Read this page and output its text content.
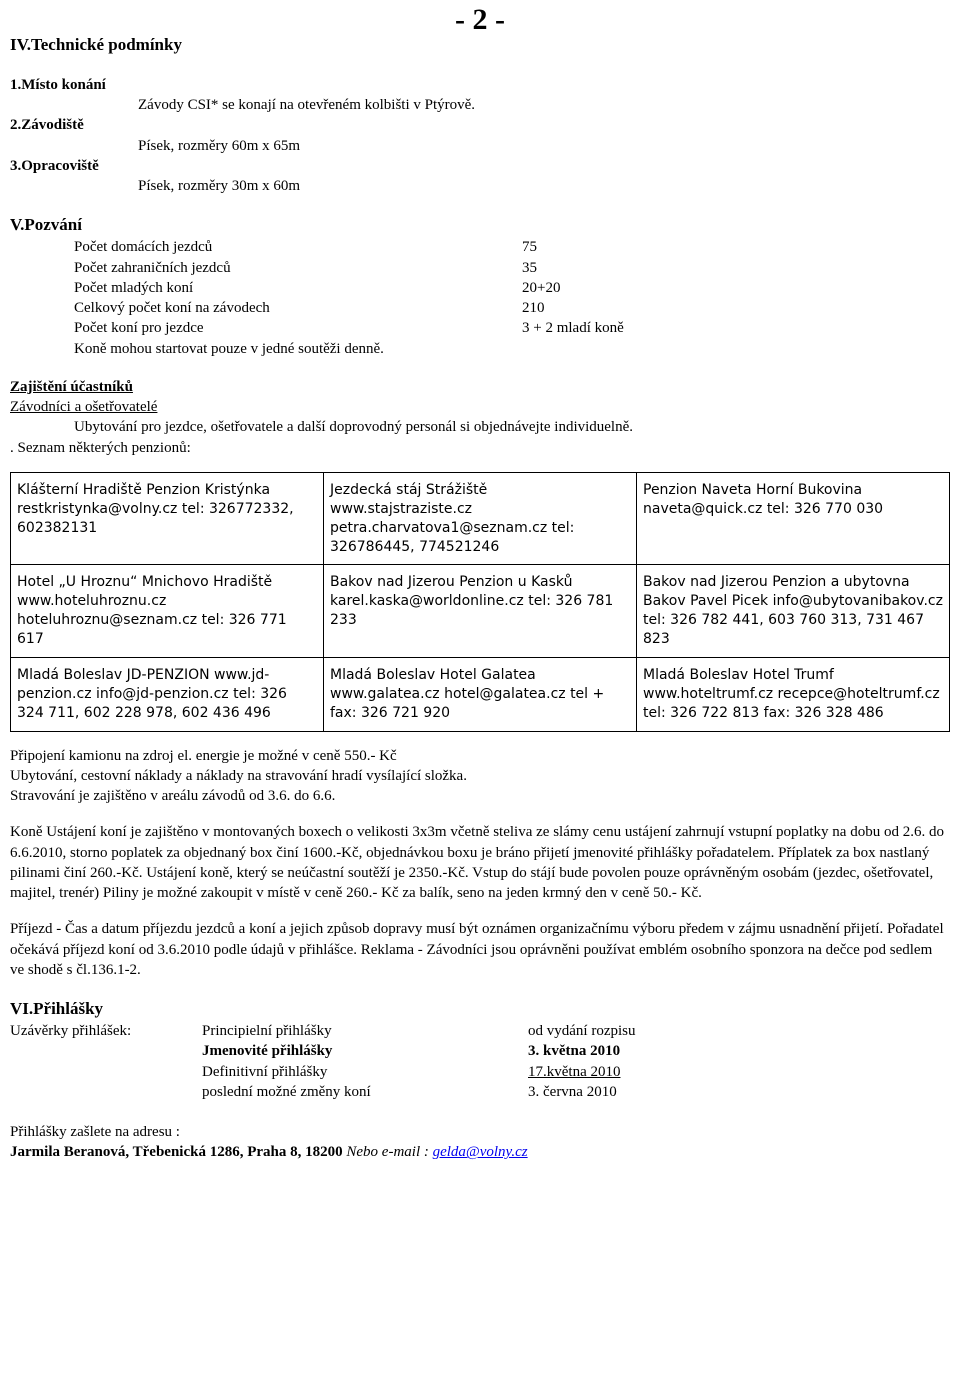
- 2 -
IV.Technické podmínky
1.Místo konání
Závody CSI* se konají na otevřeném kolbišti v Ptýrově.
2.Závodiště
Písek, rozměry 60m x 65m
3.Opracoviště
Písek, rozměry 30m x 60m
V.Pozvání
Počet domácích jezdců	75
Počet zahraničních jezdců	35
Počet mladých koní	20+20
Celkový počet koní na závodech	210
Počet koní pro jezdce	3 + 2 mladí koně
Koně mohou startovat pouze v jedné soutěži denně.
Zajištění účastníků
Závodníci a ošetřovatelé
Ubytování pro jezdce, ošetřovatele a další doprovodný personál si objednávejte individuelně.
. Seznam některých penzionů:
Klášterní Hradiště Penzion Kristýnka restkristynka@volny.cz tel: 326772332, 602382131	Jezdecká stáj Strážiště www.stajstraziste.cz petra.charvatova1@seznam.cz tel: 326786445, 774521246	Penzion Naveta Horní Bukovina naveta@quick.cz tel: 326 770 030
Hotel „U Hroznu“ Mnichovo Hradiště www.hoteluhroznu.cz hoteluhroznu@seznam.cz tel: 326 771 617	Bakov nad Jizerou Penzion u Kasků karel.kaska@worldonline.cz tel: 326 781 233	Bakov nad Jizerou Penzion a ubytovna Bakov Pavel Picek info@ubytovanibakov.cz tel: 326 782 441, 603 760 313, 731 467 823
Mladá Boleslav JD-PENZION www.jd-penzion.cz info@jd-penzion.cz tel: 326 324 711, 602 228 978, 602 436 496	Mladá Boleslav Hotel Galatea www.galatea.cz hotel@galatea.cz tel + fax: 326 721 920	Mladá Boleslav Hotel Trumf www.hoteltrumf.cz recepce@hoteltrumf.cz tel: 326 722 813 fax: 326 328 486
Připojení kamionu na zdroj el. energie je možné v ceně 550.- Kč
Ubytování, cestovní náklady a náklady na stravování hradí vysílající složka.
Stravování je zajištěno v areálu závodů od 3.6. do 6.6.
Koně Ustájení koní je zajištěno v montovaných boxech o velikosti 3x3m včetně steliva ze slámy cenu ustájení zahrnují vstupní poplatky na dobu od 2.6. do 6.6.2010, storno poplatek za objednaný box činí 1600.-Kč, objednávkou boxu je bráno přijetí jmenovité přihlášky pořadatelem. Příplatek za box nastlaný pilinami činí 260.-Kč. Ustájení koně, který se neúčastní soutěží je 2350.-Kč. Vstup do stájí bude povolen pouze oprávněným osobám (jezdec, ošetřovatel, majitel, trenér) Piliny je možné zakoupit v místě v ceně 260.- Kč za balík, seno na jeden krmný den v ceně 50.- Kč.
Příjezd - Čas a datum příjezdu jezdců a koní a jejich způsob dopravy musí být oznámen organizačnímu výboru předem v zájmu usnadnění přijetí. Pořadatel očekává příjezd koní od 3.6.2010 podle údajů v přihlášce. Reklama - Závodníci jsou oprávněni používat emblém osobního sponzora na dečce pod sedlem ve shodě s čl.136.1-2.
VI.Přihlášky
Uzávěrky přihlášek:	Principielní přihlášky	od vydání rozpisu
Jmenovité přihlášky	3. května 2010
Definitivní přihlášky	17.května 2010
poslední možné změny koní	3. června 2010
Přihlášky zašlete na adresu :
Jarmila Beranová, Třebenická 1286, Praha 8, 18200 Nebo e-mail : gelda@volny.cz
